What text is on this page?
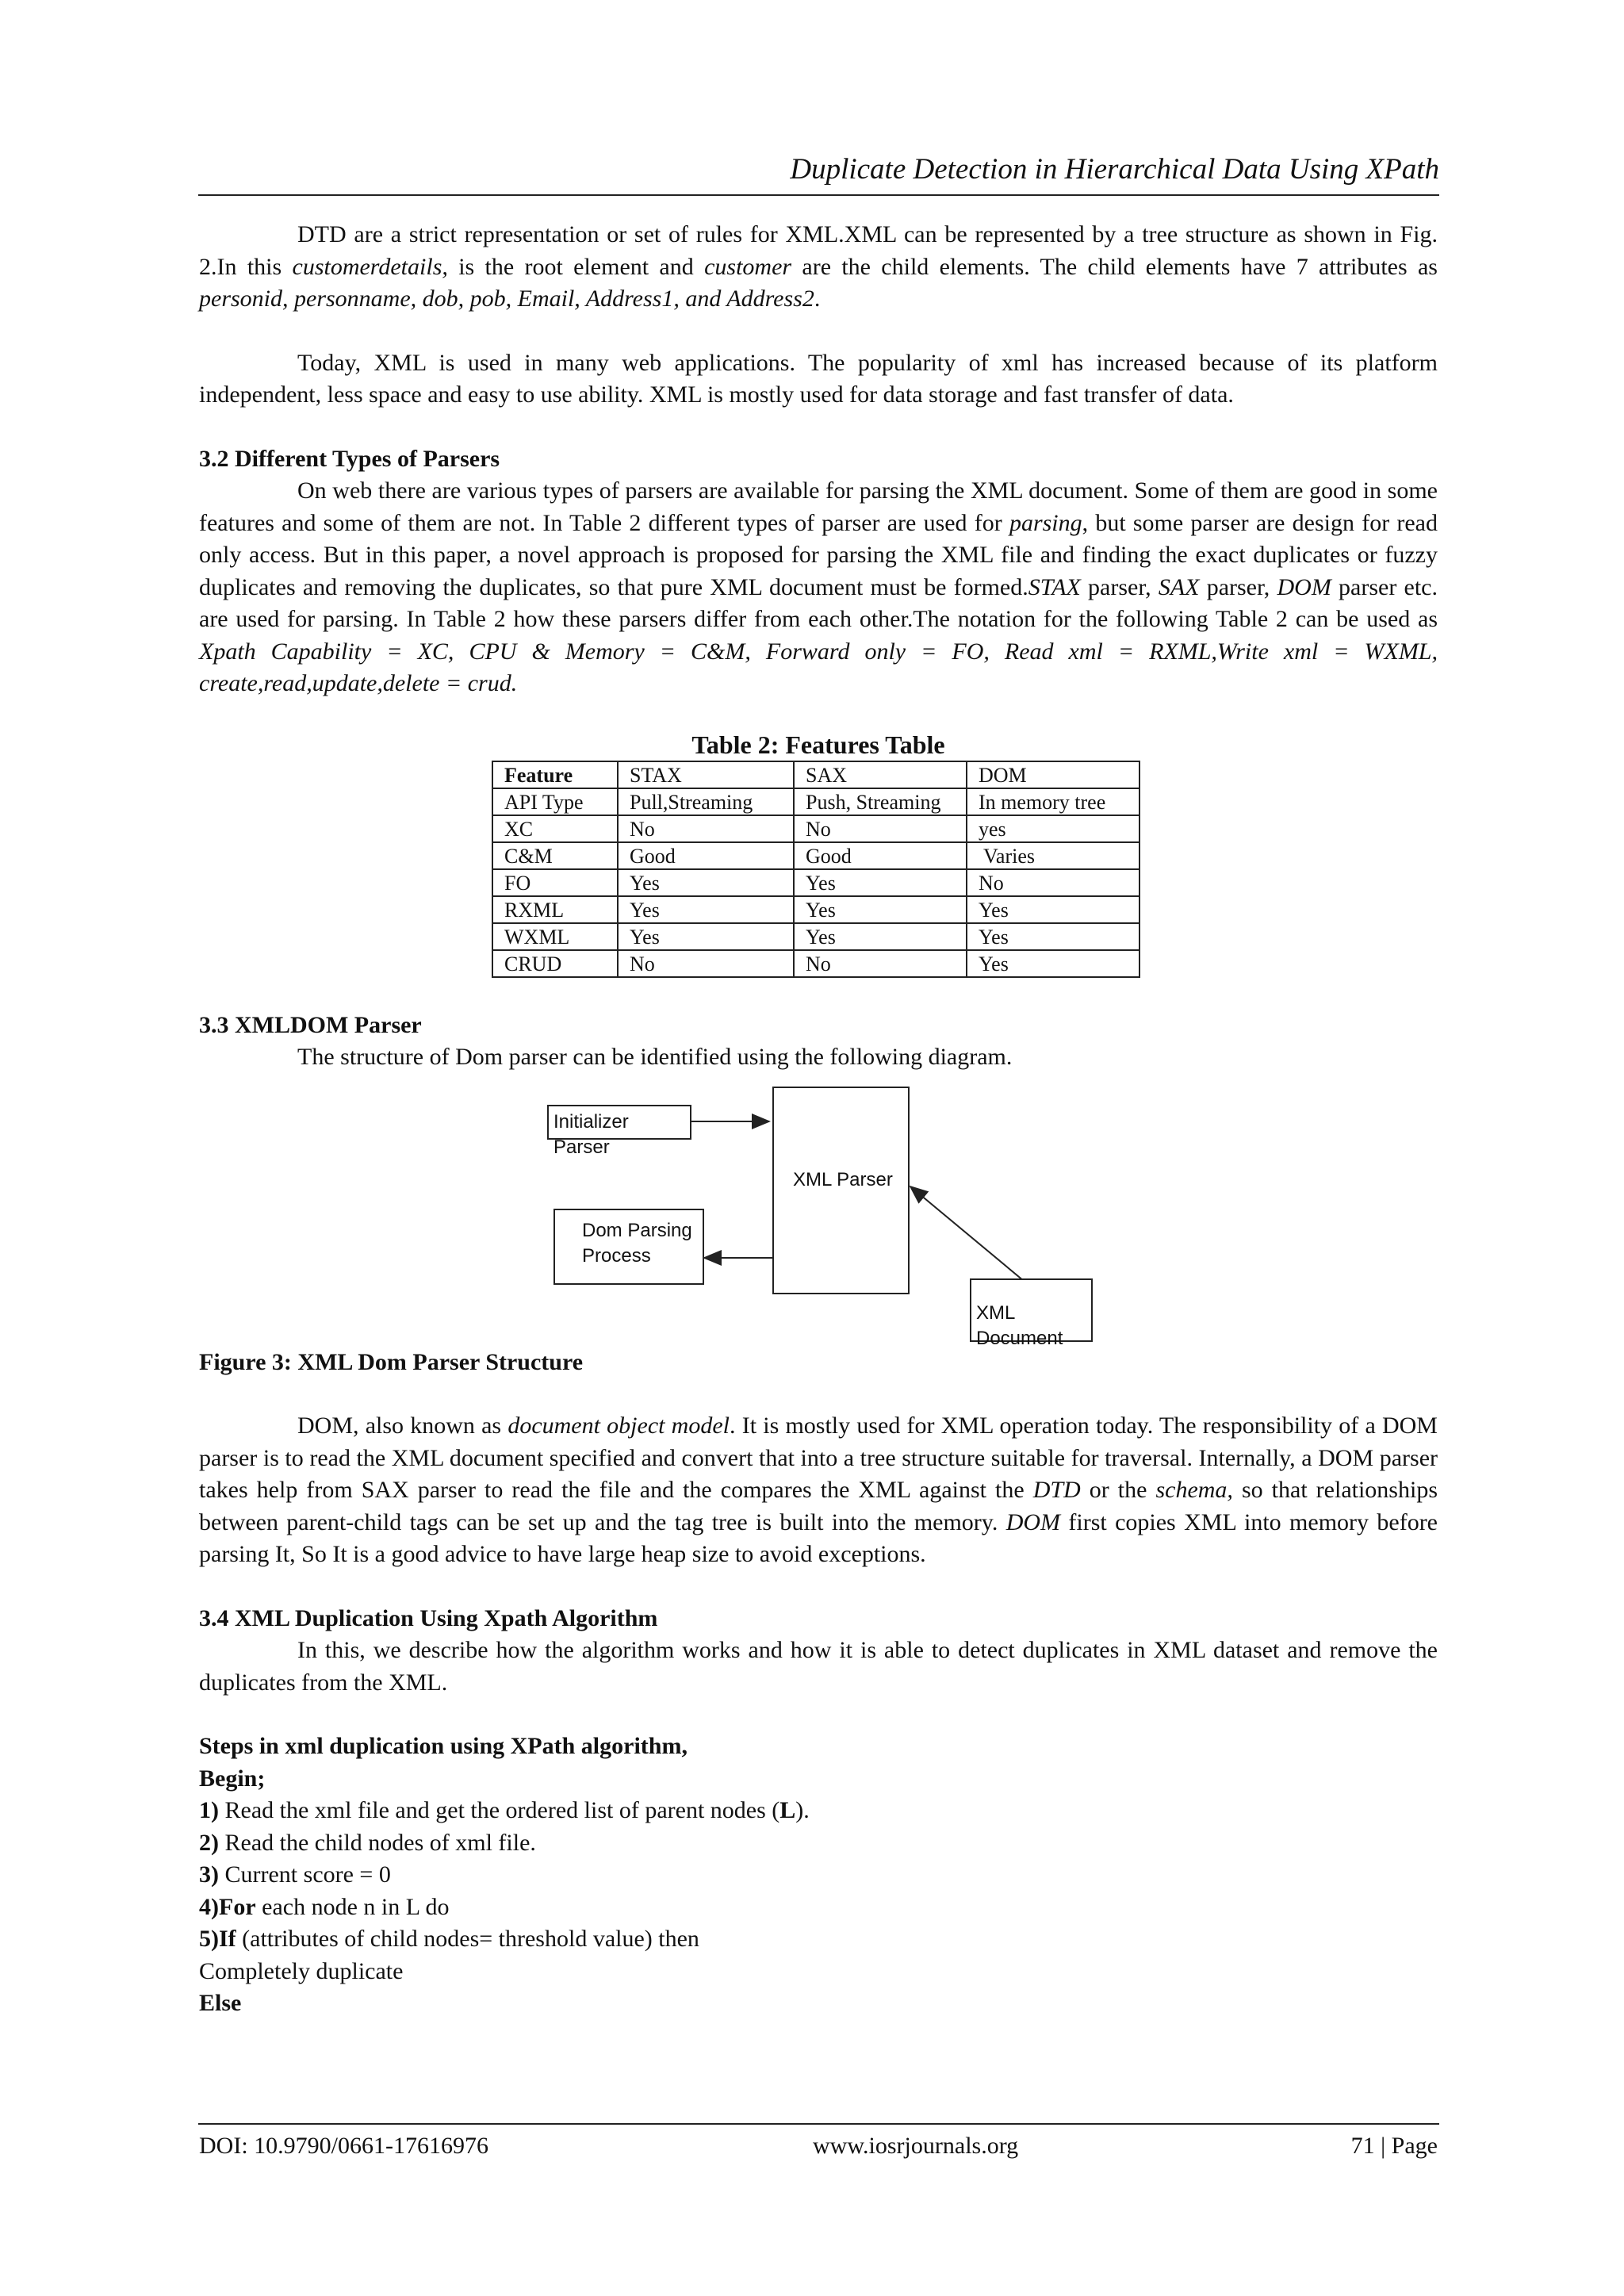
Duplicate Detection in Hierarchical Data Using XPath

DTD are a strict representation or set of rules for XML.XML can be represented by a tree structure as shown in Fig. 2.In this customerdetails, is the root element and customer are the child elements. The child elements have 7 attributes as personid, personname, dob, pob, Email, Address1, and Address2.

Today, XML is used in many web applications. The popularity of xml has increased because of its platform independent, less space and easy to use ability. XML is mostly used for data storage and fast transfer of data.

3.2 Different Types of Parsers

On web there are various types of parsers are available for parsing the XML document. Some of them are good in some features and some of them are not. In Table 2 different types of parser are used for parsing, but some parser are design for read only access. But in this paper, a novel approach is proposed for parsing the XML file and finding the exact duplicates or fuzzy duplicates and removing the duplicates, so that pure XML document must be formed.STAX parser, SAX parser, DOM parser etc. are used for parsing. In Table 2 how these parsers differ from each other.The notation for the following Table 2 can be used as Xpath Capability = XC, CPU & Memory = C&M, Forward only = FO, Read xml = RXML,Write xml = WXML, create,read,update,delete = crud.

Table 2: Features Table
Feature	STAX	SAX	DOM
API Type	Pull,Streaming	Push, Streaming	In memory tree
XC	No	No	yes
C&M	Good	Good	Varies
FO	Yes	Yes	No
RXML	Yes	Yes	Yes
WXML	Yes	Yes	Yes
CRUD	No	No	Yes

3.3 XMLDOM Parser

The structure of Dom parser can be identified using the following diagram.

Initializer Parser
XML Parser
Dom Parsing
Process
XML Document

Figure 3: XML Dom Parser Structure

DOM, also known as document object model. It is mostly used for XML operation today. The responsibility of a DOM parser is to read the XML document specified and convert that into a tree structure suitable for traversal. Internally, a DOM parser takes help from SAX parser to read the file and the compares the XML against the DTD or the schema, so that relationships between parent-child tags can be set up and the tag tree is built into the memory. DOM first copies XML into memory before parsing It, So It is a good advice to have large heap size to avoid exceptions.

3.4 XML Duplication Using Xpath Algorithm

In this, we describe how the algorithm works and how it is able to detect duplicates in XML dataset and remove the duplicates from the XML.

Steps in xml duplication using XPath algorithm,

Begin;

1) Read the xml file and get the ordered list of parent nodes (L).

2) Read the child nodes of xml file.

3) Current score = 0

4)For each node n in L do

5)If (attributes of child nodes= threshold value) then

Completely duplicate

Else

DOI: 10.9790/0661-17616976	www.iosrjournals.org	71 | Page
